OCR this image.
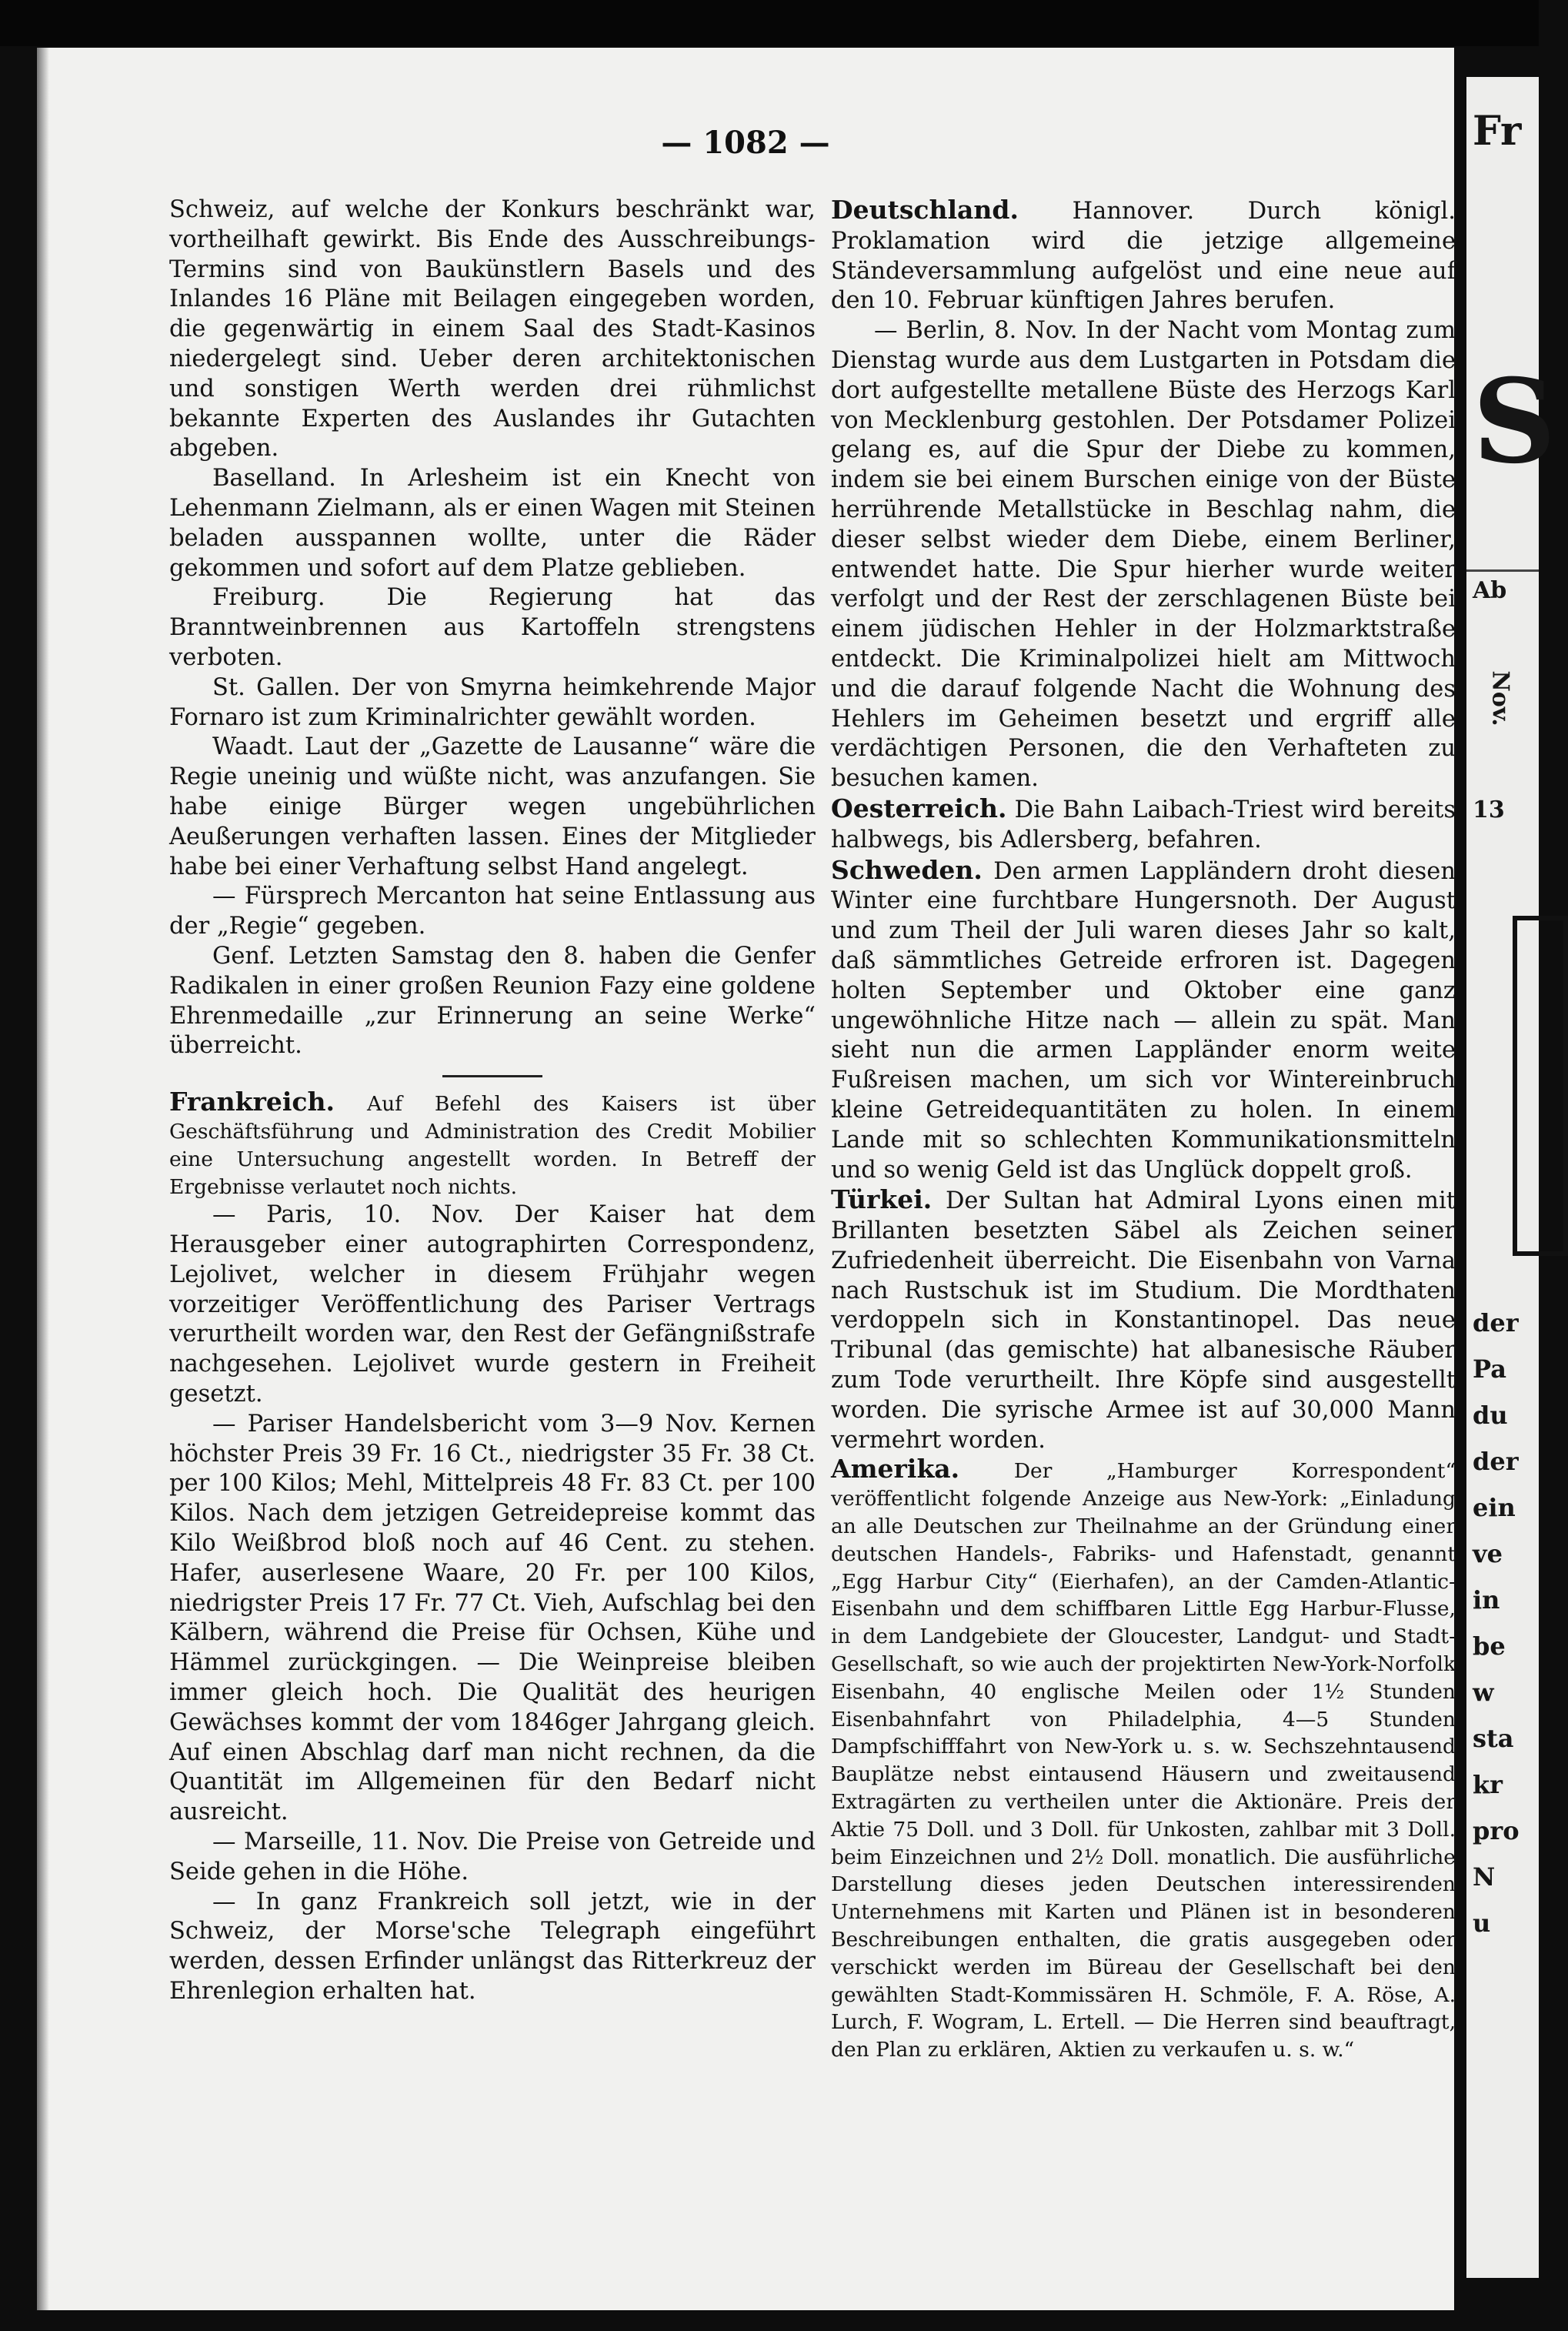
— 1082 —

Schweiz, auf welche der Konkurs beschränkt war, vortheilhaft gewirkt. Bis Ende des Ausschreibungs-Termins sind von Baukünstlern Basels und des Inlandes 16 Pläne mit Beilagen eingegeben worden, die gegenwärtig in einem Saal des Stadt-Kasinos niedergelegt sind. Ueber deren architektonischen und sonstigen Werth werden drei rühmlichst bekannte Experten des Auslandes ihr Gutachten abgeben.

Baselland. In Arlesheim ist ein Knecht von Lehenmann Zielmann, als er einen Wagen mit Steinen beladen ausspannen wollte, unter die Räder gekommen und sofort auf dem Platze geblieben.

Freiburg. Die Regierung hat das Branntweinbrennen aus Kartoffeln strengstens verboten.

St. Gallen. Der von Smyrna heimkehrende Major Fornaro ist zum Kriminalrichter gewählt worden.

Waadt. Laut der „Gazette de Lausanne“ wäre die Regie uneinig und wüßte nicht, was anzufangen. Sie habe einige Bürger wegen ungebührlichen Aeußerungen verhaften lassen. Eines der Mitglieder habe bei einer Verhaftung selbst Hand angelegt.

— Fürsprech Mercanton hat seine Entlassung aus der „Regie“ gegeben.

Genf. Letzten Samstag den 8. haben die Genfer Radikalen in einer großen Reunion Fazy eine goldene Ehrenmedaille „zur Erinnerung an seine Werke“ überreicht.

Frankreich. Auf Befehl des Kaisers ist über Geschäftsführung und Administration des Credit Mobilier eine Untersuchung angestellt worden. In Betreff der Ergebnisse verlautet noch nichts.

— Paris, 10. Nov. Der Kaiser hat dem Herausgeber einer autographirten Correspondenz, Lejolivet, welcher in diesem Frühjahr wegen vorzeitiger Veröffentlichung des Pariser Vertrags verurtheilt worden war, den Rest der Gefängnißstrafe nachgesehen. Lejolivet wurde gestern in Freiheit gesetzt.

— Pariser Handelsbericht vom 3—9 Nov. Kernen höchster Preis 39 Fr. 16 Ct., niedrigster 35 Fr. 38 Ct. per 100 Kilos; Mehl, Mittelpreis 48 Fr. 83 Ct. per 100 Kilos. Nach dem jetzigen Getreidepreise kommt das Kilo Weißbrod bloß noch auf 46 Cent. zu stehen. Hafer, auserlesene Waare, 20 Fr. per 100 Kilos, niedrigster Preis 17 Fr. 77 Ct. Vieh, Aufschlag bei den Kälbern, während die Preise für Ochsen, Kühe und Hämmel zurückgingen. — Die Weinpreise bleiben immer gleich hoch. Die Qualität des heurigen Gewächses kommt der vom 1846ger Jahrgang gleich. Auf einen Abschlag darf man nicht rechnen, da die Quantität im Allgemeinen für den Bedarf nicht ausreicht.

— Marseille, 11. Nov. Die Preise von Getreide und Seide gehen in die Höhe.

— In ganz Frankreich soll jetzt, wie in der Schweiz, der Morse'sche Telegraph eingeführt werden, dessen Erfinder unlängst das Ritterkreuz der Ehrenlegion erhalten hat.

Deutschland. Hannover. Durch königl. Proklamation wird die jetzige allgemeine Ständeversammlung aufgelöst und eine neue auf den 10. Februar künftigen Jahres berufen.

— Berlin, 8. Nov. In der Nacht vom Montag zum Dienstag wurde aus dem Lustgarten in Potsdam die dort aufgestellte metallene Büste des Herzogs Karl von Mecklenburg gestohlen. Der Potsdamer Polizei gelang es, auf die Spur der Diebe zu kommen, indem sie bei einem Burschen einige von der Büste herrührende Metallstücke in Beschlag nahm, die dieser selbst wieder dem Diebe, einem Berliner, entwendet hatte. Die Spur hierher wurde weiter verfolgt und der Rest der zerschlagenen Büste bei einem jüdischen Hehler in der Holzmarktstraße entdeckt. Die Kriminalpolizei hielt am Mittwoch und die darauf folgende Nacht die Wohnung des Hehlers im Geheimen besetzt und ergriff alle verdächtigen Personen, die den Verhafteten zu besuchen kamen.

Oesterreich. Die Bahn Laibach-Triest wird bereits halbwegs, bis Adlersberg, befahren.

Schweden. Den armen Lappländern droht diesen Winter eine furchtbare Hungersnoth. Der August und zum Theil der Juli waren dieses Jahr so kalt, daß sämmtliches Getreide erfroren ist. Dagegen holten September und Oktober eine ganz ungewöhnliche Hitze nach — allein zu spät. Man sieht nun die armen Lappländer enorm weite Fußreisen machen, um sich vor Wintereinbruch kleine Getreidequantitäten zu holen. In einem Lande mit so schlechten Kommunikationsmitteln und so wenig Geld ist das Unglück doppelt groß.

Türkei. Der Sultan hat Admiral Lyons einen mit Brillanten besetzten Säbel als Zeichen seiner Zufriedenheit überreicht. Die Eisenbahn von Varna nach Rustschuk ist im Studium. Die Mordthaten verdoppeln sich in Konstantinopel. Das neue Tribunal (das gemischte) hat albanesische Räuber zum Tode verurtheilt. Ihre Köpfe sind ausgestellt worden. Die syrische Armee ist auf 30,000 Mann vermehrt worden.

Amerika. Der „Hamburger Korrespondent“ veröffentlicht folgende Anzeige aus New-York: „Einladung an alle Deutschen zur Theilnahme an der Gründung einer deutschen Handels-, Fabriks- und Hafenstadt, genannt „Egg Harbur City“ (Eierhafen), an der Camden-Atlantic-Eisenbahn und dem schiffbaren Little Egg Harbur-Flusse, in dem Landgebiete der Gloucester, Landgut- und Stadt-Gesellschaft, so wie auch der projektirten New-York-Norfolk Eisenbahn, 40 englische Meilen oder 1½ Stunden Eisenbahnfahrt von Philadelphia, 4—5 Stunden Dampfschifffahrt von New-York u. s. w. Sechszehntausend Bauplätze nebst eintausend Häusern und zweitausend Extragärten zu vertheilen unter die Aktionäre. Preis der Aktie 75 Doll. und 3 Doll. für Unkosten, zahlbar mit 3 Doll. beim Einzeichnen und 2½ Doll. monatlich. Die ausführliche Darstellung dieses jeden Deutschen interessirenden Unternehmens mit Karten und Plänen ist in besonderen Beschreibungen enthalten, die gratis ausgegeben oder verschickt werden im Büreau der Gesellschaft bei den gewählten Stadt-Kommissären H. Schmöle, F. A. Röse, A. Lurch, F. Wogram, L. Ertell. — Die Herren sind beauftragt, den Plan zu erklären, Aktien zu verkaufen u. s. w.“

Fr
S
Ab
13
Nov.
der
Pa
du
der
ein
ve
in
be
w
sta
kr
pro
N
u
